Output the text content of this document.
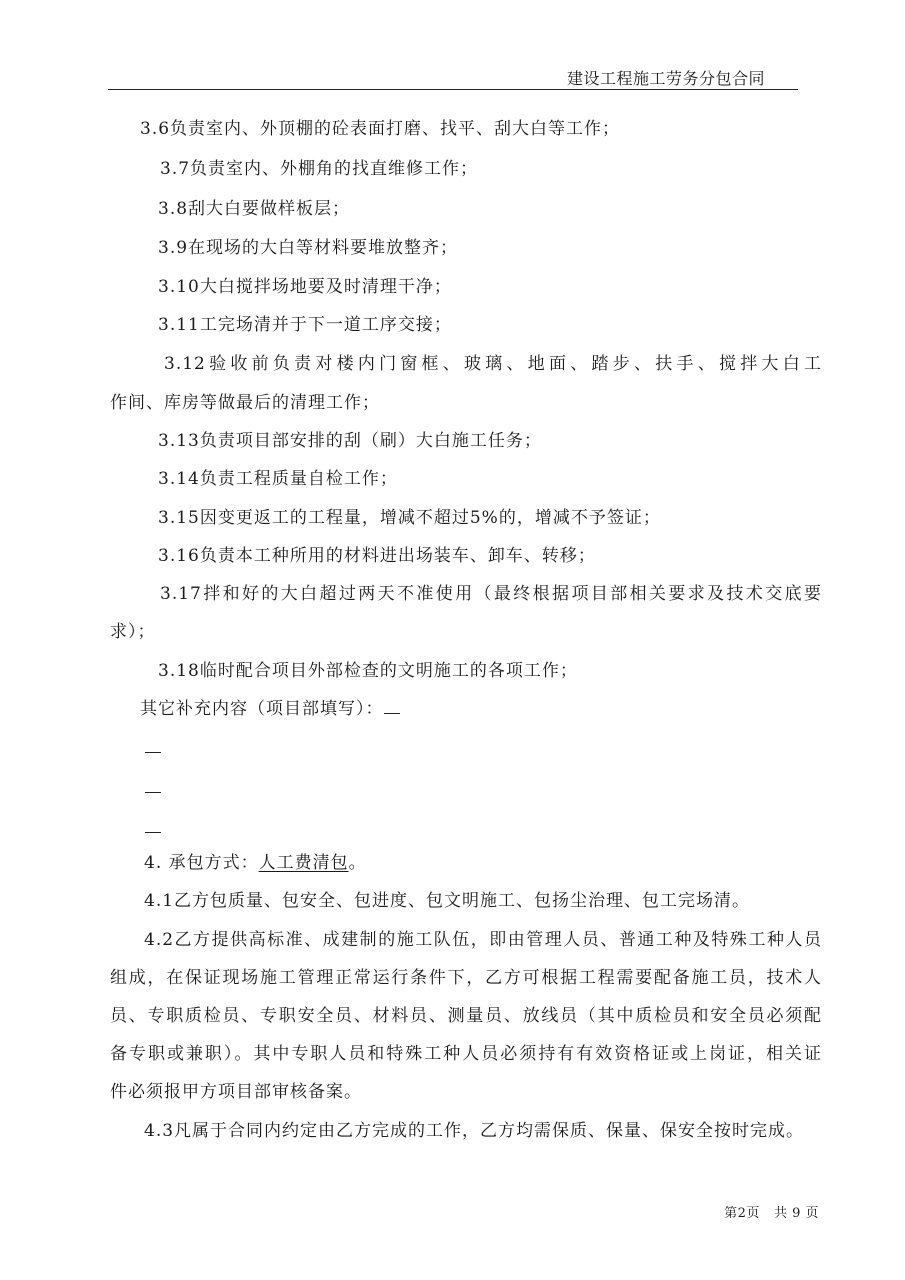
建设工程施工劳务分包合同
3.6负责室内、外顶棚的砼表面打磨、找平、刮大白等工作；
3.7负责室内、外棚角的找直维修工作；
3.8刮大白要做样板层；
3.9在现场的大白等材料要堆放整齐；
3.10大白搅拌场地要及时清理干净；
3.11工完场清并于下一道工序交接；
3.12验收前负责对楼内门窗框、玻璃、地面、踏步、扶手、搅拌大白工
作间、库房等做最后的清理工作；
3.13负责项目部安排的刮（刷）大白施工任务；
3.14负责工程质量自检工作；
3.15因变更返工的工程量，增减不超过5%的，增减不予签证；
3.16负责本工种所用的材料进出场装车、卸车、转移；
3.17拌和好的大白超过两天不准使用（最终根据项目部相关要求及技术交底要
求）；
3.18临时配合项目外部检查的文明施工的各项工作；
其它补充内容（项目部填写）：
4. 承包方式：人工费清包。
4.1乙方包质量、包安全、包进度、包文明施工、包扬尘治理、包工完场清。
4.2乙方提供高标准、成建制的施工队伍，即由管理人员、普通工种及特殊工种人员
组成，在保证现场施工管理正常运行条件下，乙方可根据工程需要配备施工员，技术人
员、专职质检员、专职安全员、材料员、测量员、放线员（其中质检员和安全员必须配
备专职或兼职）。其中专职人员和特殊工种人员必须持有有效资格证或上岗证，相关证
件必须报甲方项目部审核备案。
4.3凡属于合同内约定由乙方完成的工作，乙方均需保质、保量、保安全按时完成。
第2页 共 9 页
